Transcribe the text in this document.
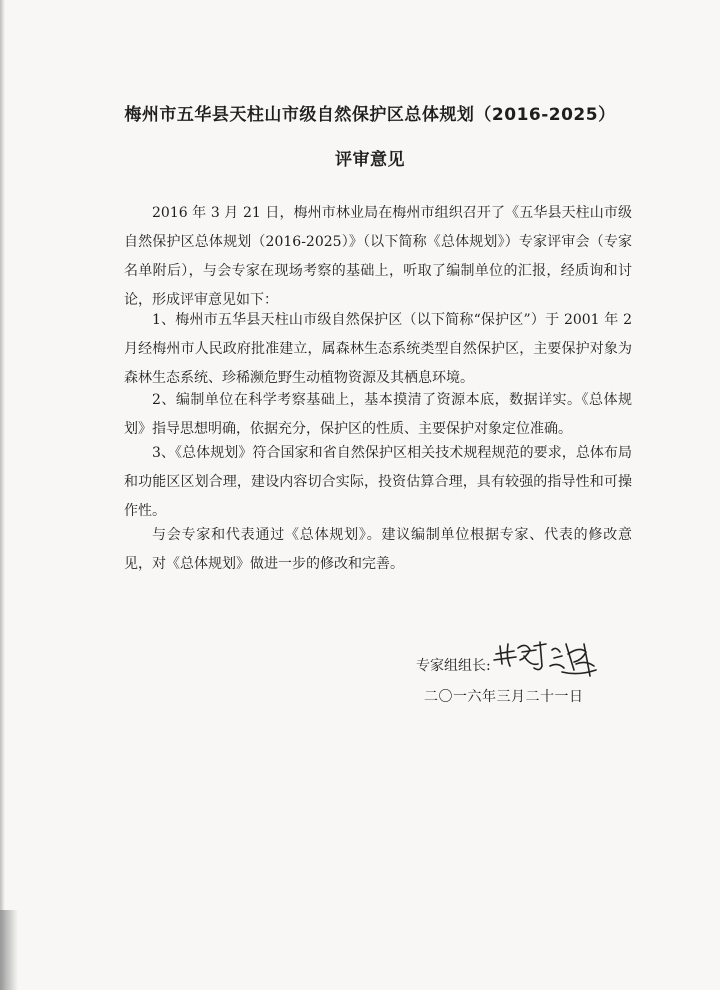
梅州市五华县天柱山市级自然保护区总体规划（2016-2025）
评审意见

2016 年 3 月 21 日，梅州市林业局在梅州市组织召开了《五华县天柱山市级自然保护区总体规划（2016-2025）》（以下简称《总体规划》）专家评审会（专家名单附后），与会专家在现场考察的基础上，听取了编制单位的汇报，经质询和讨论，形成评审意见如下：

1、梅州市五华县天柱山市级自然保护区（以下简称“保护区”）于 2001 年 2 月经梅州市人民政府批准建立，属森林生态系统类型自然保护区，主要保护对象为森林生态系统、珍稀濒危野生动植物资源及其栖息环境。

2、编制单位在科学考察基础上，基本摸清了资源本底，数据详实。《总体规划》指导思想明确，依据充分，保护区的性质、主要保护对象定位准确。

3、《总体规划》符合国家和省自然保护区相关技术规程规范的要求，总体布局和功能区区划合理，建设内容切合实际，投资估算合理，具有较强的指导性和可操作性。

与会专家和代表通过《总体规划》。建议编制单位根据专家、代表的修改意见，对《总体规划》做进一步的修改和完善。

专家组组长:
二〇一六年三月二十一日
